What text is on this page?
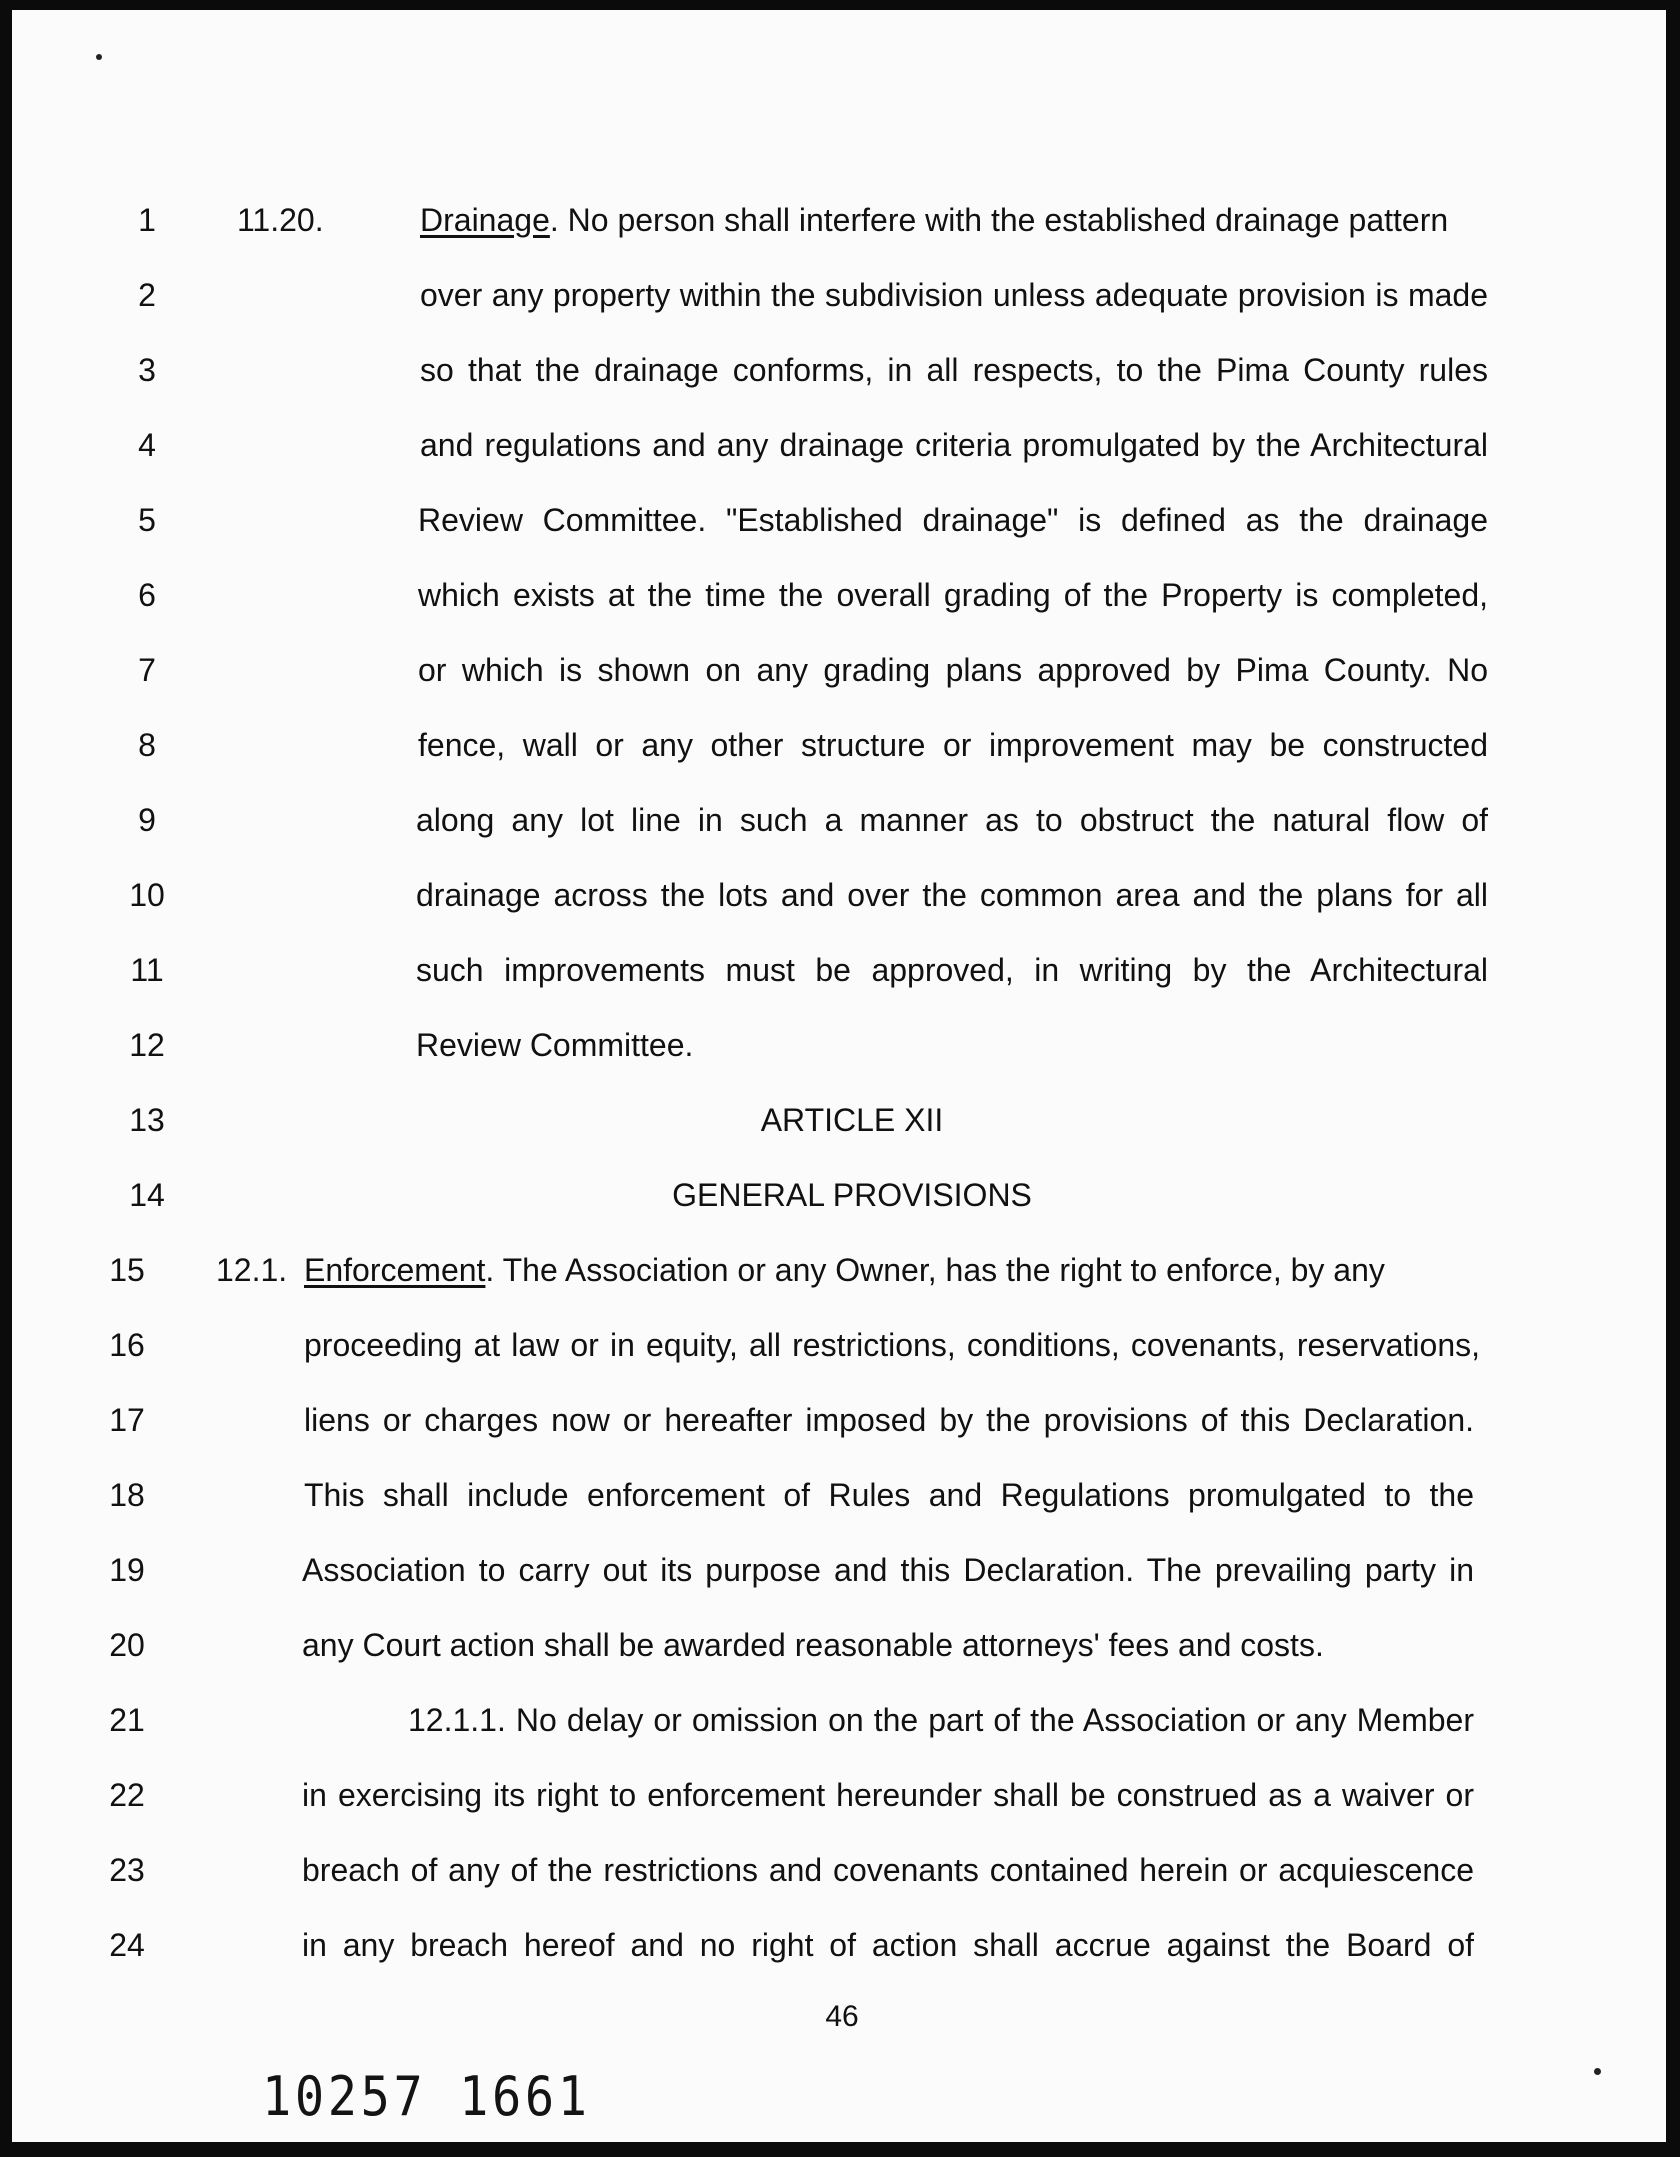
1	11.20.	Drainage. No person shall interfere with the established drainage pattern
2	over any property within the subdivision unless adequate provision is made
3	so that the drainage conforms, in all respects, to the Pima County rules
4	and regulations and any drainage criteria promulgated by the Architectural
5	Review Committee. "Established drainage" is defined as the drainage
6	which exists at the time the overall grading of the Property is completed,
7	or which is shown on any grading plans approved by Pima County. No
8	fence, wall or any other structure or improvement may be constructed
9	along any lot line in such a manner as to obstruct the natural flow of
10	drainage across the lots and over the common area and the plans for all
11	such improvements must be approved, in writing by the Architectural
12	Review Committee.
13	ARTICLE XII
14	GENERAL PROVISIONS
15	12.1. Enforcement. The Association or any Owner, has the right to enforce, by any
16	proceeding at law or in equity, all restrictions, conditions, covenants, reservations,
17	liens or charges now or hereafter imposed by the provisions of this Declaration.
18	This shall include enforcement of Rules and Regulations promulgated to the
19	Association to carry out its purpose and this Declaration. The prevailing party in
20	any Court action shall be awarded reasonable attorneys' fees and costs.
21	12.1.1. No delay or omission on the part of the Association or any Member
22	in exercising its right to enforcement hereunder shall be construed as a waiver or
23	breach of any of the restrictions and covenants contained herein or acquiescence
24	in any breach hereof and no right of action shall accrue against the Board of
46
10257 1661
